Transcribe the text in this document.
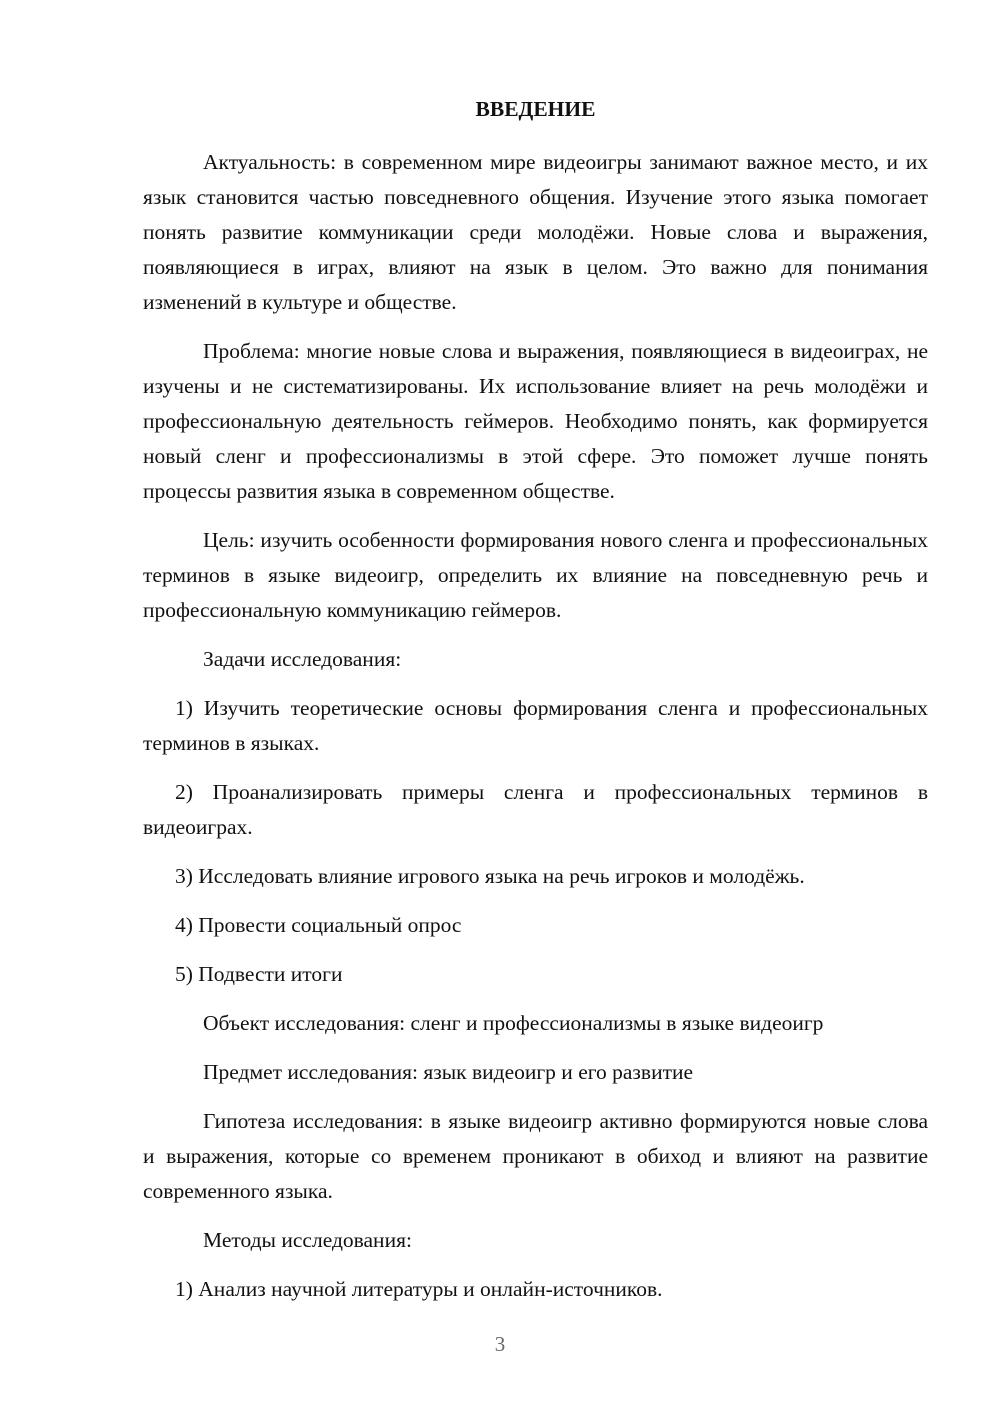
ВВЕДЕНИЕ

Актуальность: в современном мире видеоигры занимают важное место, и их язык становится частью повседневного общения. Изучение этого языка помогает понять развитие коммуникации среди молодёжи. Новые слова и выражения, появляющиеся в играх, влияют на язык в целом. Это важно для понимания изменений в культуре и обществе.

Проблема: многие новые слова и выражения, появляющиеся в видеоиграх, не изучены и не систематизированы. Их использование влияет на речь молодёжи и профессиональную деятельность геймеров. Необходимо понять, как формируется новый сленг и профессионализмы в этой сфере. Это поможет лучше понять процессы развития языка в современном обществе.

Цель: изучить особенности формирования нового сленга и профессиональных терминов в языке видеоигр, определить их влияние на повседневную речь и профессиональную коммуникацию геймеров.

Задачи исследования:

1) Изучить теоретические основы формирования сленга и профессиональных терминов в языках.

2) Проанализировать примеры сленга и профессиональных терминов в видеоиграх.

3) Исследовать влияние игрового языка на речь игроков и молодёжь.

4) Провести социальный опрос

5) Подвести итоги

Объект исследования: сленг и профессионализмы в языке видеоигр

Предмет исследования: язык видеоигр и его развитие

Гипотеза исследования: в языке видеоигр активно формируются новые слова и выражения, которые со временем проникают в обиход и влияют на развитие современного языка.

Методы исследования:

1) Анализ научной литературы и онлайн-источников.

3
